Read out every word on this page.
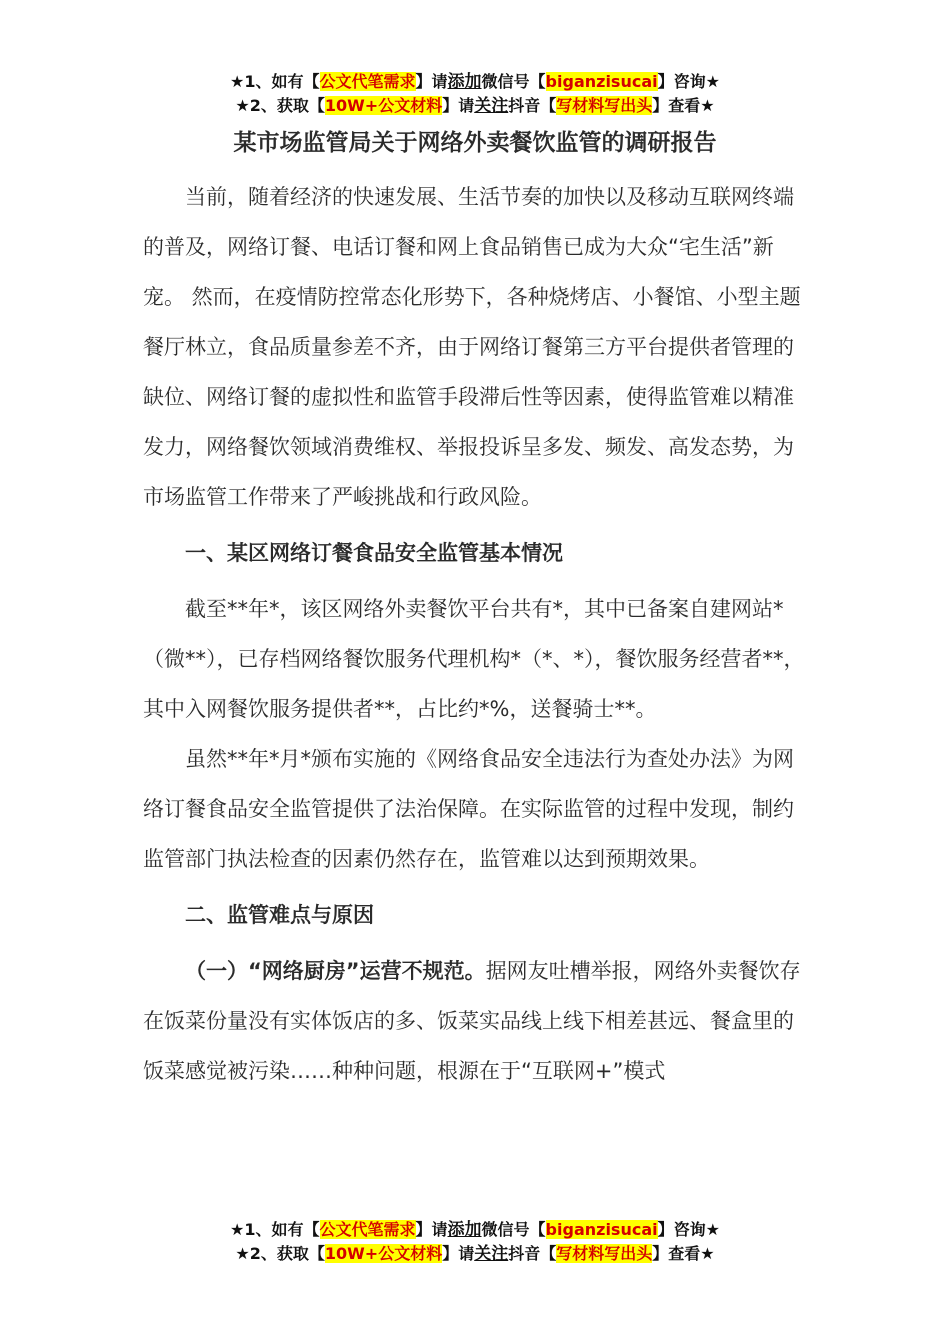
★1、如有【公文代笔需求】请添加微信号【biganzisucai】咨询★
★2、获取【10W+公文材料】请关注抖音【写材料写出头】查看★
某市场监管局关于网络外卖餐饮监管的调研报告

当前，随着经济的快速发展、生活节奏的加快以及移动互联网终端的普及，网络订餐、电话订餐和网上食品销售已成为大众“宅生活”新宠。 然而，在疫情防控常态化形势下，各种烧烤店、小餐馆、小型主题餐厅林立，食品质量参差不齐，由于网络订餐第三方平台提供者管理的缺位、网络订餐的虚拟性和监管手段滞后性等因素，使得监管难以精准发力，网络餐饮领域消费维权、举报投诉呈多发、频发、高发态势，为市场监管工作带来了严峻挑战和行政风险。

一、某区网络订餐食品安全监管基本情况

截至**年*，该区网络外卖餐饮平台共有*，其中已备案自建网站*（微**），已存档网络餐饮服务代理机构*（*、*），餐饮服务经营者**，其中入网餐饮服务提供者**，占比约*%，送餐骑士**。

虽然**年*月*颁布实施的《网络食品安全违法行为查处办法》为网络订餐食品安全监管提供了法治保障。在实际监管的过程中发现，制约监管部门执法检查的因素仍然存在，监管难以达到预期效果。

二、监管难点与原因

（一）“网络厨房”运营不规范。据网友吐槽举报，网络外卖餐饮存在饭菜份量没有实体饭店的多、饭菜实品线上线下相差甚远、餐盒里的饭菜感觉被污染……种种问题，根源在于“互联网+”模式

★1、如有【公文代笔需求】请添加微信号【biganzisucai】咨询★
★2、获取【10W+公文材料】请关注抖音【写材料写出头】查看★
